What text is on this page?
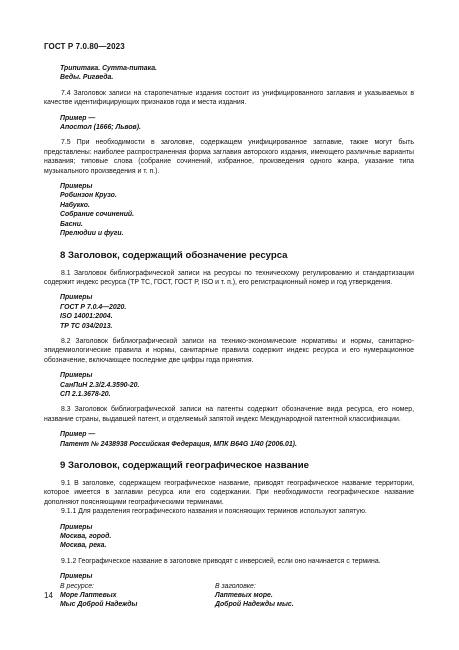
ГОСТ Р 7.0.80—2023
Трипитака. Сутта-питака.
Веды. Ригведа.

7.4 Заголовок записи на старопечатные издания состоит из унифицированного заглавия и указываемых в качестве идентифицирующих признаков года и места издания.

Пример —
Апостол (1666; Львов).

7.5 При необходимости в заголовке, содержащем унифицированное заглавие, также могут быть представлены: наиболее распространенная форма заглавия авторского издания, имеющего различные варианты названия; типовые слова (собрание сочинений, избранное, произведения одного жанра, указание типа музыкального произведения и т. п.).

Примеры
Робинзон Крузо.
Набукко.
Собрание сочинений.
Басни.
Прелюдии и фуги.
8 Заголовок, содержащий обозначение ресурса

8.1 Заголовок библиографической записи на ресурсы по техническому регулированию и стандартизации содержит индекс ресурса (ТР ТС, ГОСТ, ГОСТ Р, ISO и т. п.), его регистрационный номер и год утверждения.

Примеры
ГОСТ Р 7.0.4—2020.
ISO 14001:2004.
ТР ТС 034/2013.

8.2 Заголовок библиографической записи на технико-экономические нормативы и нормы, санитарно-эпидемиологические правила и нормы, санитарные правила содержит индекс ресурса и его нумерационное обозначение, включающее последние две цифры года принятия.

Примеры
СанПиН 2.3/2.4.3590-20.
СП 2.1.3678-20.

8.3 Заголовок библиографической записи на патенты содержит обозначение вида ресурса, его номер, название страны, выдавшей патент, и отделяемый запятой индекс Международной патентной классификации.

Пример —
Патент № 2438938 Российская Федерация, МПК B64G 1/40 (2006.01).
9 Заголовок, содержащий географическое название

9.1 В заголовке, содержащем географическое название, приводят географическое название территории, которое имеется в заглавии ресурса или его содержании. При необходимости географическое название дополняют поясняющими географическими терминами.

9.1.1 Для разделения географического названия и поясняющих терминов используют запятую.

Примеры
Москва, город.
Москва, река.

9.1.2 Географическое название в заголовке приводят с инверсией, если оно начинается с термина.

Примеры
В ресурсе:
Море Лаптевых
Мыс Доброй Надежды
В заголовке:
Лаптевых море.
Доброй Надежды мыс.
14
